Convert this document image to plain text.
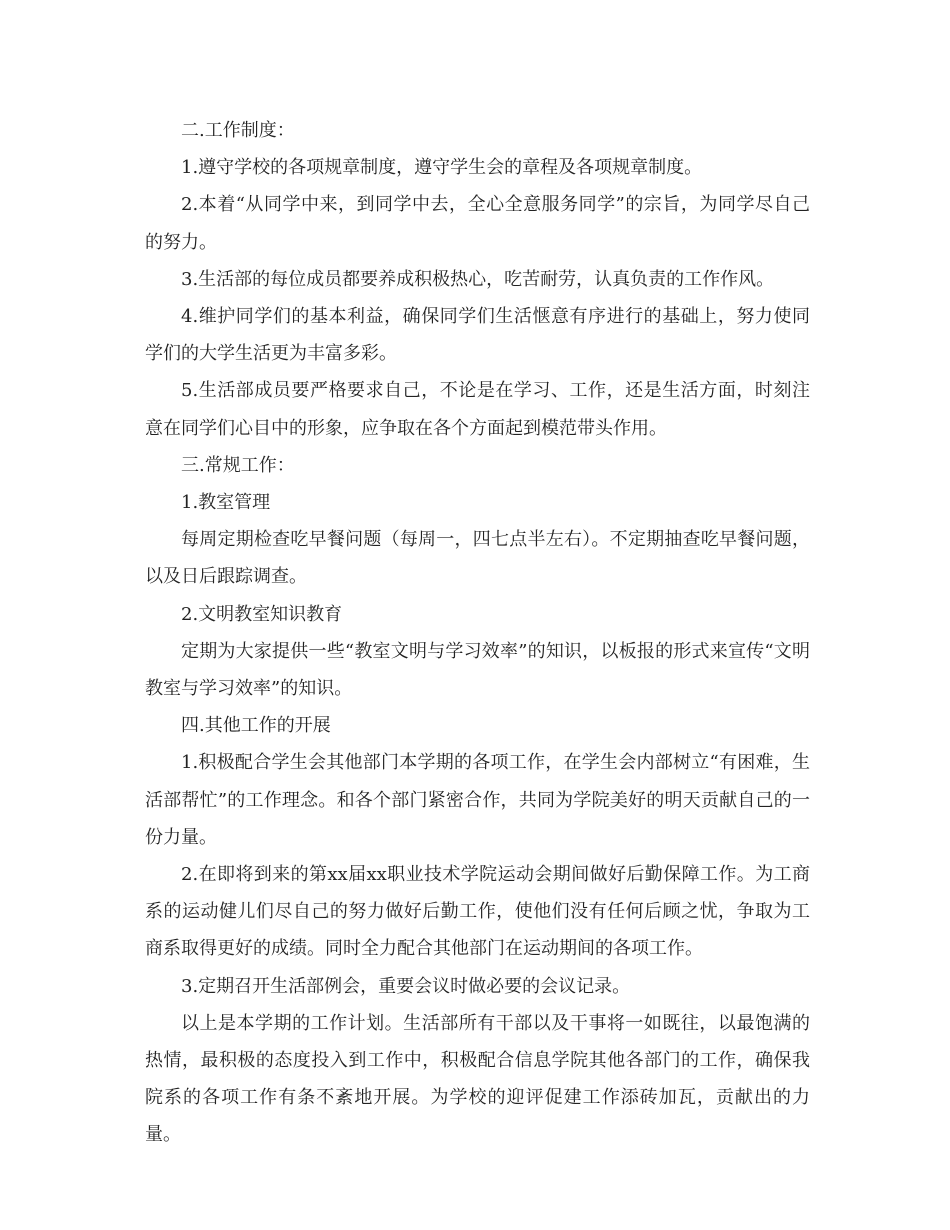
二.工作制度：

1.遵守学校的各项规章制度，遵守学生会的章程及各项规章制度。

2.本着“从同学中来，到同学中去，全心全意服务同学”的宗旨，为同学尽自己的努力。

3.生活部的每位成员都要养成积极热心，吃苦耐劳，认真负责的工作作风。

4.维护同学们的基本利益，确保同学们生活惬意有序进行的基础上，努力使同学们的大学生活更为丰富多彩。

5.生活部成员要严格要求自己，不论是在学习、工作，还是生活方面，时刻注意在同学们心目中的形象，应争取在各个方面起到模范带头作用。

三.常规工作：

1.教室管理

每周定期检查吃早餐问题（每周一，四七点半左右）。不定期抽查吃早餐问题，以及日后跟踪调查。

2.文明教室知识教育

定期为大家提供一些“教室文明与学习效率”的知识，以板报的形式来宣传“文明教室与学习效率”的知识。

四.其他工作的开展

1.积极配合学生会其他部门本学期的各项工作，在学生会内部树立“有困难，生活部帮忙”的工作理念。和各个部门紧密合作，共同为学院美好的明天贡献自己的一份力量。

2.在即将到来的第xx届xx职业技术学院运动会期间做好后勤保障工作。为工商系的运动健儿们尽自己的努力做好后勤工作，使他们没有任何后顾之忧，争取为工商系取得更好的成绩。同时全力配合其他部门在运动期间的各项工作。

3.定期召开生活部例会，重要会议时做必要的会议记录。

以上是本学期的工作计划。生活部所有干部以及干事将一如既往，以最饱满的热情，最积极的态度投入到工作中，积极配合信息学院其他各部门的工作，确保我院系的各项工作有条不紊地开展。为学校的迎评促建工作添砖加瓦，贡献出的力量。
